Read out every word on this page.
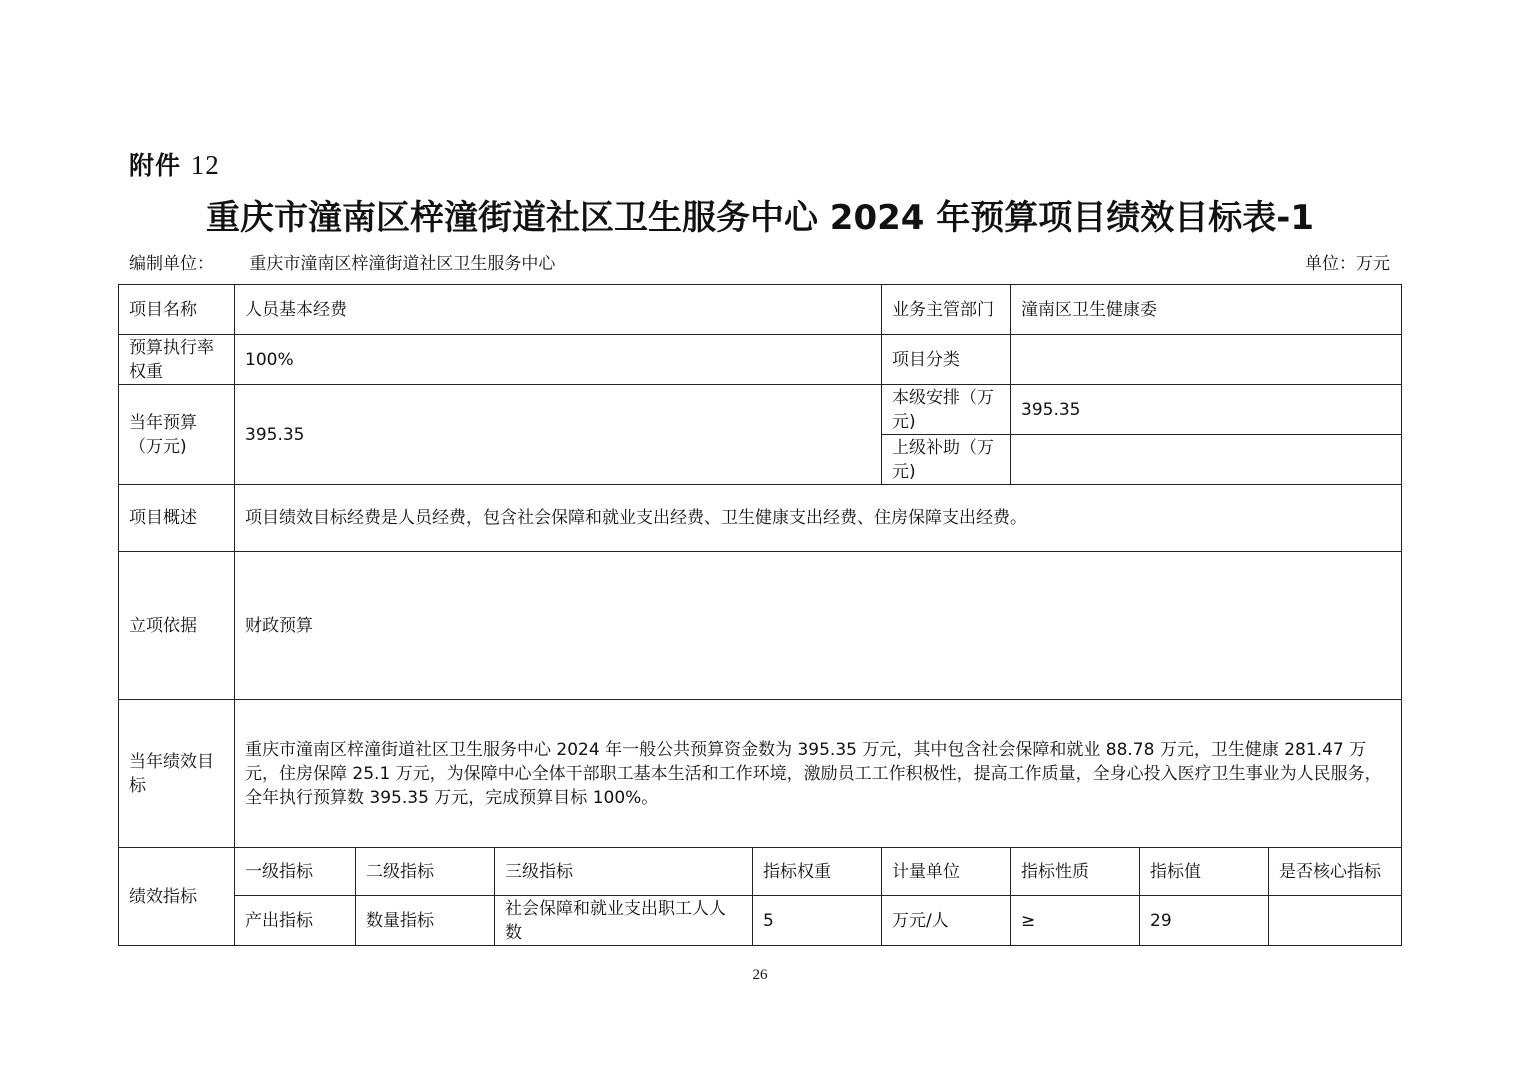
附件 12
重庆市潼南区梓潼街道社区卫生服务中心 2024 年预算项目绩效目标表-1
编制单位： 重庆市潼南区梓潼街道社区卫生服务中心	单位：万元
项目名称	人员基本经费				业务主管部门	潼南区卫生健康委		
预算执行率权重	100%				项目分类			
当年预算（万元)	395.35				本级安排（万元)	395.35		
					上级补助（万元)			
项目概述	项目绩效目标经费是人员经费，包含社会保障和就业支出经费、卫生健康支出经费、住房保障支出经费。							
立项依据	财政预算							
当年绩效目标	重庆市潼南区梓潼街道社区卫生服务中心 2024 年一般公共预算资金数为 395.35 万元，其中包含社会保障和就业 88.78 万元，卫生健康 281.47 万元，住房保障 25.1 万元，为保障中心全体干部职工基本生活和工作环境，激励员工工作积极性，提高工作质量，全身心投入医疗卫生事业为人民服务，全年执行预算数 395.35 万元，完成预算目标 100%。							
绩效指标	一级指标	二级指标	三级指标	指标权重	计量单位	指标性质	指标值	是否核心指标
	产出指标	数量指标	社会保障和就业支出职工人人数	5	万元/人	≥	29	
26
